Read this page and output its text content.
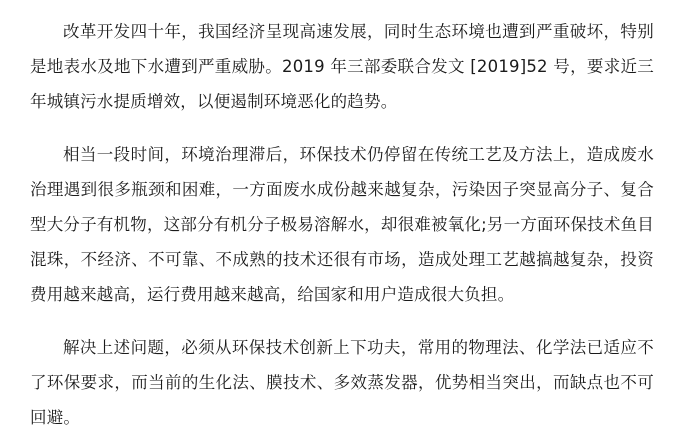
改革开发四十年，我国经济呈现高速发展，同时生态环境也遭到严重破坏，特别是地表水及地下水遭到严重威胁。2019 年三部委联合发文 [2019]52 号，要求近三年城镇污水提质增效，以便遏制环境恶化的趋势。

相当一段时间，环境治理滞后，环保技术仍停留在传统工艺及方法上，造成废水治理遇到很多瓶颈和困难，一方面废水成份越来越复杂，污染因子突显高分子、复合型大分子有机物，这部分有机分子极易溶解水，却很难被氧化;另一方面环保技术鱼目混珠，不经济、不可靠、不成熟的技术还很有市场，造成处理工艺越搞越复杂，投资费用越来越高，运行费用越来越高，给国家和用户造成很大负担。

解决上述问题，必须从环保技术创新上下功夫，常用的物理法、化学法已适应不了环保要求，而当前的生化法、膜技术、多效蒸发器，优势相当突出，而缺点也不可回避。
